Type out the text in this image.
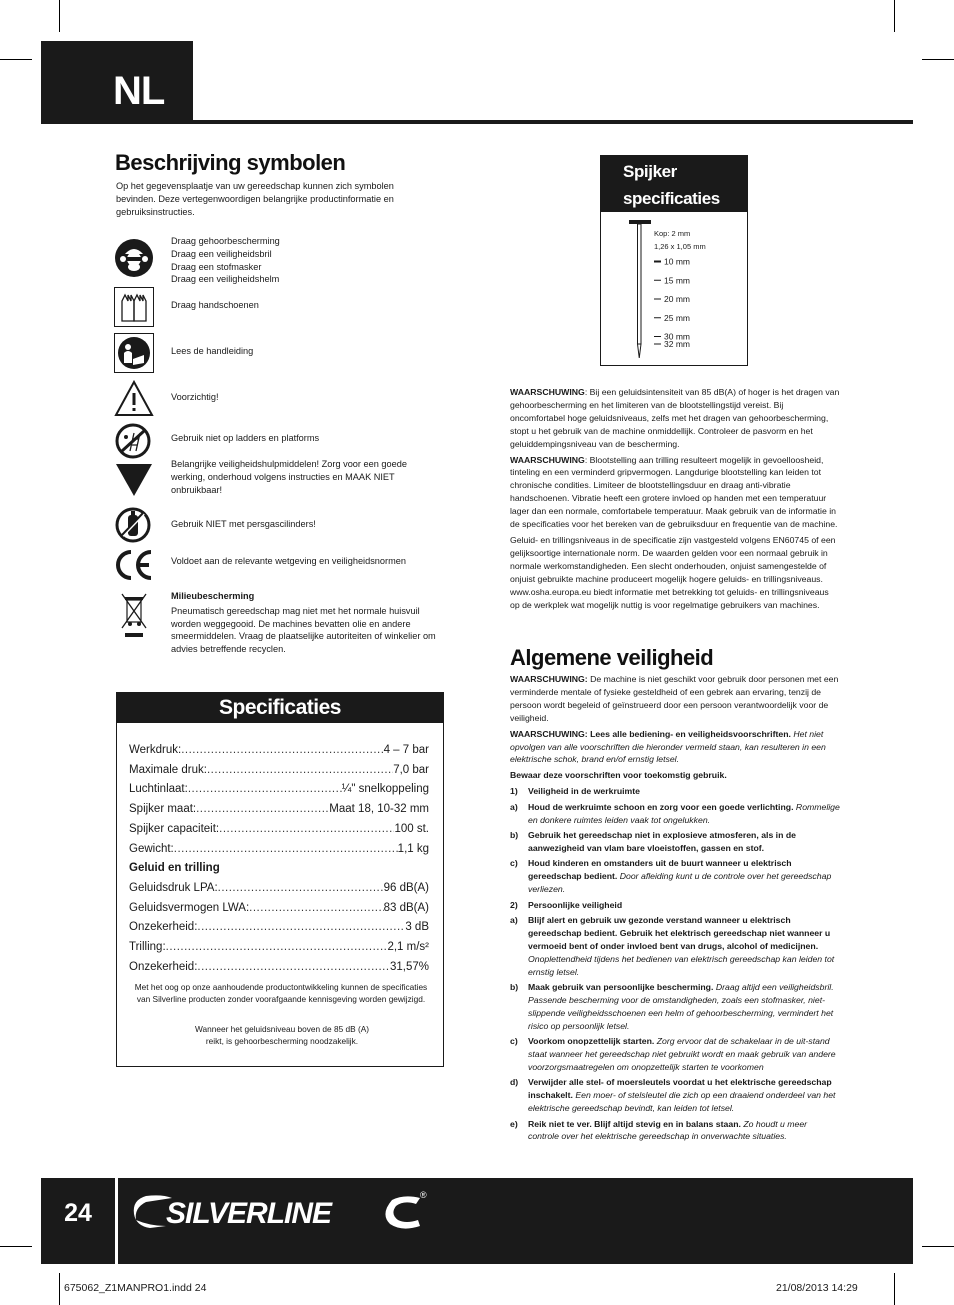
NL
Beschrijving symbolen
Op het gegevensplaatje van uw gereedschap kunnen zich symbolen bevinden. Deze vertegenwoordigen belangrijke productinformatie en gebruiksinstructies.
Draag gehoorbescherming
Draag een veiligheidsbril
Draag een stofmasker
Draag een veiligheidshelm
Draag handschoenen
Lees de handleiding
Voorzichtig!
Gebruik niet op ladders en platforms
Belangrijke veiligheidshulpmiddelen! Zorg voor een goede werking, onderhoud volgens instructies en MAAK NIET onbruikbaar!
Gebruik NIET met persgascilinders!
Voldoet aan de relevante wetgeving en veiligheidsnormen
Milieubescherming
Pneumatisch gereedschap mag niet met het normale huisvuil worden weggegooid. De machines bevatten olie en andere smeermiddelen. Vraag de plaatselijke autoriteiten of winkelier om advies betreffende recyclen.
Specificaties
Werkdruk: .....	4 – 7 bar
Maximale druk: .....	7,0 bar
Luchtinlaat: .....	¼" snelkoppeling
Spijker maat: .....	Maat 18, 10-32 mm
Spijker capaciteit: .....	100 st.
Gewicht: .....	1,1 kg
Geluid en trilling
Geluidsdruk LPA: .....	96 dB(A)
Geluidsvermogen LWA: .....	83 dB(A)
Onzekerheid: .....	3 dB
Trilling: .....	2,1 m/s²
Onzekerheid: .....	31,57%
Met het oog op onze aanhoudende productontwikkeling kunnen de specificaties van Silverline producten zonder voorafgaande kennisgeving worden gewijzigd.
Wanneer het geluidsniveau boven de 85 dB (A) reikt, is gehoorbescherming noodzakelijk.
Spijker
specificaties
Kop: 2 mm
1,26 x 1,05 mm
10 mm
15 mm
20 mm
25 mm
30 mm
32 mm

WAARSCHUWING: Bij een geluidsintensiteit van 85 dB(A) of hoger is het dragen van gehoorbescherming en het limiteren van de blootstellingstijd vereist. Bij oncomfortabel hoge geluidsniveaus, zelfs met het dragen van gehoorbescherming, stopt u het gebruik van de machine onmiddellijk. Controleer de pasvorm en het geluiddempingsniveau van de bescherming.

WAARSCHUWING: Blootstelling aan trilling resulteert mogelijk in gevoelloosheid, tinteling en een verminderd gripvermogen. Langdurige blootstelling kan leiden tot chronische condities. Limiteer de blootstellingsduur en draag anti-vibratie handschoenen. Vibratie heeft een grotere invloed op handen met een temperatuur lager dan een normale, comfortabele temperatuur. Maak gebruik van de informatie in de specificaties voor het bereken van de gebruiksduur en frequentie van de machine.

Geluid- en trillingsniveaus in de specificatie zijn vastgesteld volgens EN60745 of een gelijksoortige internationale norm. De waarden gelden voor een normaal gebruik in normale werkomstandigheden. Een slecht onderhouden, onjuist samengestelde of onjuist gebruikte machine produceert mogelijk hogere geluids- en trillingsniveaus. www.osha.europa.eu biedt informatie met betrekking tot geluids- en trillingsniveaus op de werkplek wat mogelijk nuttig is voor regelmatige gebruikers van machines.

Algemene veiligheid

WAARSCHUWING: De machine is niet geschikt voor gebruik door personen met een verminderde mentale of fysieke gesteldheid of een gebrek aan ervaring, tenzij de persoon wordt begeleid of geïnstrueerd door een persoon verantwoordelijk voor de veiligheid.

WAARSCHUWING: Lees alle bediening- en veiligheidsvoorschriften. Het niet opvolgen van alle voorschriften die hieronder vermeld staan, kan resulteren in een elektrische schok, brand en/of ernstig letsel.

Bewaar deze voorschriften voor toekomstig gebruik.

1)	Veiligheid in de werkruimte
a)	Houd de werkruimte schoon en zorg voor een goede verlichting. Rommelige en donkere ruimtes leiden vaak tot ongelukken.
b)	Gebruik het gereedschap niet in explosieve atmosferen, als in de aanwezigheid van vlam bare vloeistoffen, gassen en stof.
c)	Houd kinderen en omstanders uit de buurt wanneer u elektrisch gereedschap bedient. Door afleiding kunt u de controle over het gereedschap verliezen.
2)	Persoonlijke veiligheid
a)	Blijf alert en gebruik uw gezonde verstand wanneer u elektrisch gereedschap bedient. Gebruik het elektrisch gereedschap niet wanneer u vermoeid bent of onder invloed bent van drugs, alcohol of medicijnen. Onoplettendheid tijdens het bedienen van elektrisch gereedschap kan leiden tot ernstig letsel.
b)	Maak gebruik van persoonlijke bescherming. Draag altijd een veiligheidsbril. Passende bescherming voor de omstandigheden, zoals een stofmasker, niet-slippende veiligheidsschoenen een helm of gehoorbescherming, vermindert het risico op persoonlijk letsel.
c)	Voorkom onopzettelijk starten. Zorg ervoor dat de schakelaar in de uit-stand staat wanneer het gereedschap niet gebruikt wordt en maak gebruik van andere voorzorgsmaatregelen om onopzettelijk starten te voorkomen
d)	Verwijder alle stel- of moersleutels voordat u het elektrische gereedschap inschakelt. Een moer- of stelsleutel die zich op een draaiend onderdeel van het elektrische gereedschap bevindt, kan leiden tot letsel.
e)	Reik niet te ver. Blijf altijd stevig en in balans staan. Zo houdt u meer controle over het elektrische gereedschap in onverwachte situaties.
24	SILVERLINE
®
675062_Z1MANPRO1.indd 24	21/08/2013 14:29
